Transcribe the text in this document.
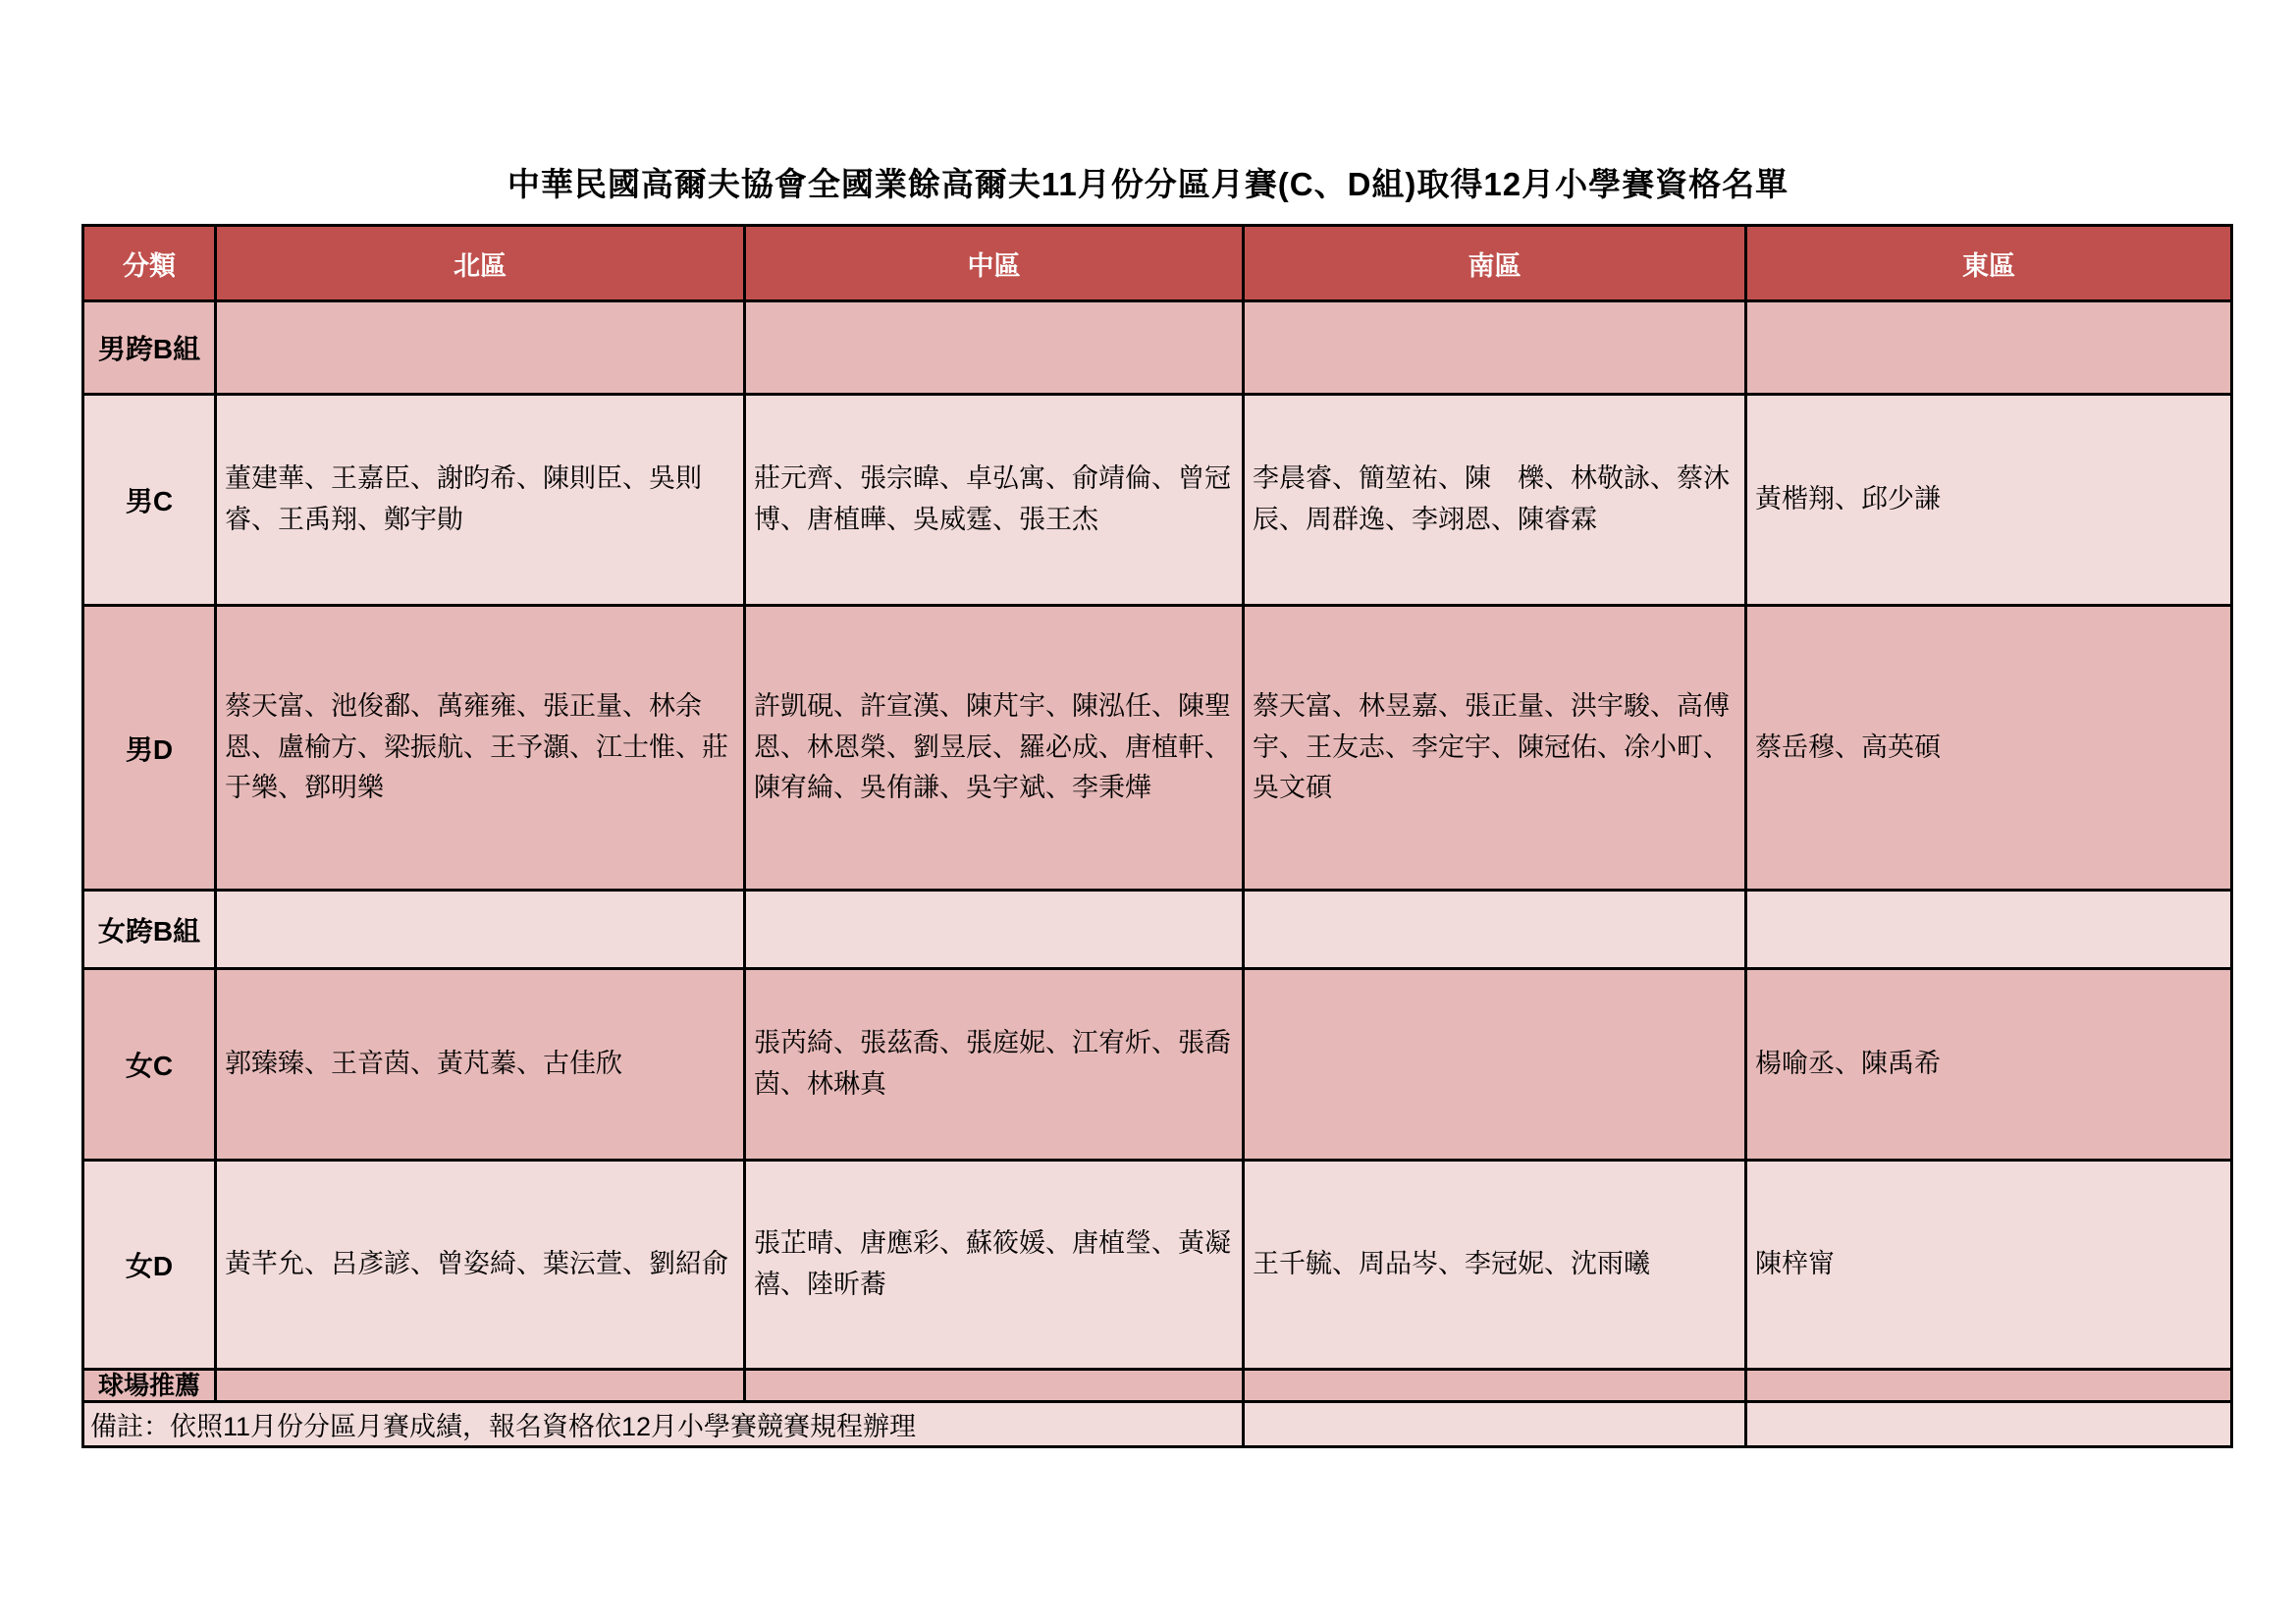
中華民國高爾夫協會全國業餘高爾夫11月份分區月賽(C、D組)取得12月小學賽資格名單
分類	北區	中區	南區	東區
男跨B組				
男C	董建華、王嘉臣、謝昀希、陳則臣、吳則睿、王禹翔、鄭宇勛	莊元齊、張宗暐、卓弘寓、俞靖倫、曾冠博、唐植曄、吳威霆、張王杰	李晨睿、簡堃祐、陳　櫟、林敬詠、蔡沐辰、周群逸、李翊恩、陳睿霖	黃楷翔、邱少謙
男D	蔡天富、池俊鄱、萬雍雍、張正量、林余恩、盧榆方、梁振航、王予灝、江士惟、莊于樂、鄧明樂	許凱硯、許宣漢、陳芃宇、陳泓任、陳聖恩、林恩榮、劉昱辰、羅必成、唐植軒、陳宥綸、吳侑謙、吳宇斌、李秉燁	蔡天富、林昱嘉、張正量、洪宇駿、高傅宇、王友志、李定宇、陳冠佑、凃小町、吳文碩	蔡岳穆、高英碩
女跨B組				
女C	郭臻臻、王音茵、黃芃蓁、古佳欣	張芮綺、張茲喬、張庭妮、江宥炘、張喬茵、林琳真		楊喻丞、陳禹希
女D	黃芊允、呂彥諺、曾姿綺、葉沄萱、劉紹俞	張芷晴、唐應彩、蘇筱媛、唐植瑩、黃凝禧、陸昕蕎	王千毓、周品岑、李冠妮、沈雨曦	陳梓甯
球場推薦				
備註：依照11月份分區月賽成績，報名資格依12月小學賽競賽規程辦理				
